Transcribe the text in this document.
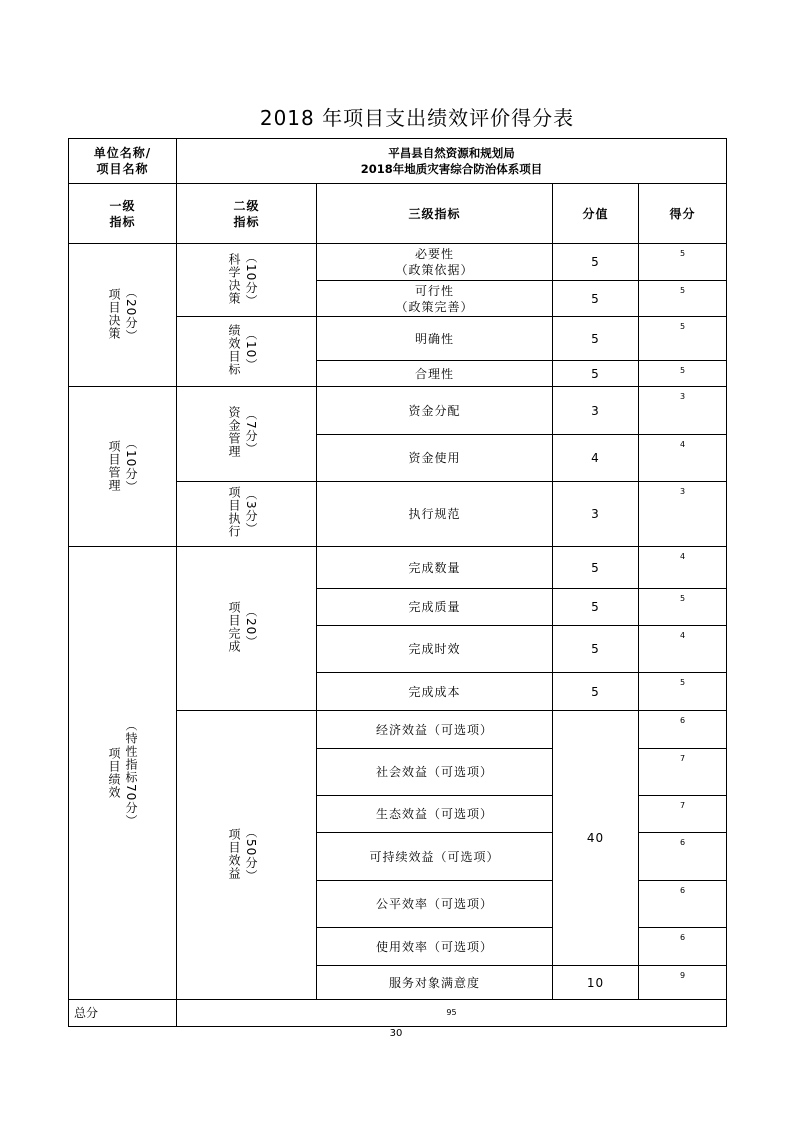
2018 年项目支出绩效评价得分表
单位名称/
项目名称	平昌县自然资源和规划局
2018年地质灾害综合防治体系项目			

一级
指标	二级
指标	三级指标	分值	得分

项目决策 （20分）	科学决策 （10分）	必要性
（政策依据）	5	5

		可行性
（政策完善）	5	5

	绩效目标 （10）	明确性	5	5
		合理性	5	5

项目管理 （10分）	资金管理 （7分）	资金分配	3	3
		资金使用	4	4

	项目执行 （3分）	执行规范	3	3

项目绩效 （特性指标70分）	项目完成 （20）	完成数量	5	4
		完成质量	5	5
		完成时效	5	4
		完成成本	5	5

	项目效益 （50分）	经济效益（可选项）	40	6
		社会效益（可选项）		7
		生态效益（可选项）		7
		可持续效益（可选项）		6
		公平效率（可选项）		6
		使用效率（可选项）		6
		服务对象满意度	10	9
总分	95			
30
